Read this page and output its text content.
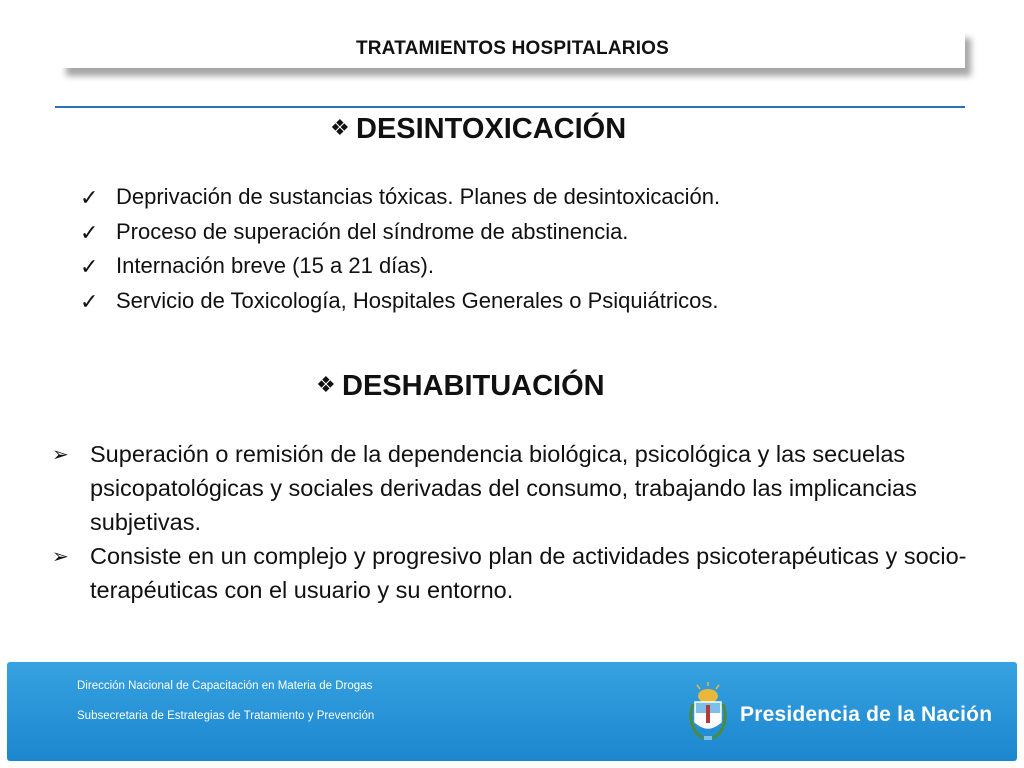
TRATAMIENTOS HOSPITALARIOS
❖ DESINTOXICACIÓN
✓ Deprivación de sustancias tóxicas. Planes de desintoxicación.
✓ Proceso de superación del síndrome de abstinencia.
✓ Internación breve (15 a 21 días).
✓ Servicio de Toxicología, Hospitales Generales o Psiquiátricos.
❖ DESHABITUACIÓN
➢ Superación o remisión de la dependencia biológica, psicológica y las secuelas psicopatológicas y sociales derivadas del consumo, trabajando las implicancias subjetivas.
➢ Consiste en un complejo y progresivo plan de actividades psicoterapéuticas y socio-terapéuticas con el usuario y su entorno.
Dirección Nacional de Capacitación en Materia de Drogas
Subsecretaria de Estrategias de Tratamiento y Prevención	Presidencia de la Nación
